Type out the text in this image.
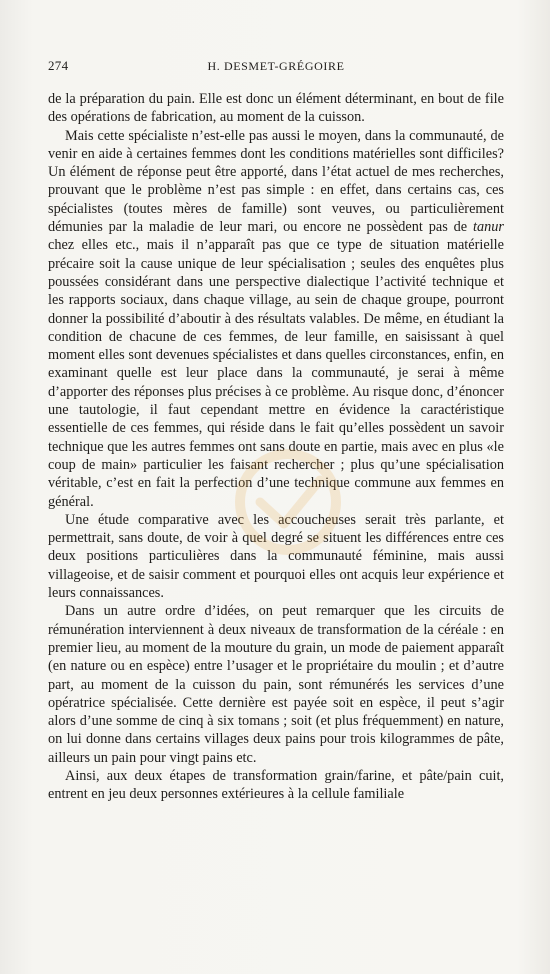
274	H. DESMET-GRÉGOIRE

de la préparation du pain. Elle est donc un élément déterminant, en bout de file des opérations de fabrication, au moment de la cuisson.

Mais cette spécialiste n’est-elle pas aussi le moyen, dans la communauté, de venir en aide à certaines femmes dont les conditions matérielles sont difficiles? Un élément de réponse peut être apporté, dans l’état actuel de mes recherches, prouvant que le problème n’est pas simple : en effet, dans certains cas, ces spécialistes (toutes mères de famille) sont veuves, ou particulièrement démunies par la maladie de leur mari, ou encore ne possèdent pas de tanur chez elles etc., mais il n’apparaît pas que ce type de situation matérielle précaire soit la cause unique de leur spécialisation ; seules des enquêtes plus poussées considérant dans une perspective dialectique l’activité technique et les rapports sociaux, dans chaque village, au sein de chaque groupe, pourront donner la possibilité d’aboutir à des résultats valables. De même, en étudiant la condition de chacune de ces femmes, de leur famille, en saisissant à quel moment elles sont devenues spécialistes et dans quelles circonstances, enfin, en examinant quelle est leur place dans la communauté, je serai à même d’apporter des réponses plus précises à ce problème. Au risque donc, d’énoncer une tautologie, il faut cependant mettre en évidence la caractéristique essentielle de ces femmes, qui réside dans le fait qu’elles possèdent un savoir technique que les autres femmes ont sans doute en partie, mais avec en plus «le coup de main» particulier les faisant rechercher ; plus qu’une spécialisation véritable, c’est en fait la perfection d’une technique commune aux femmes en général.

Une étude comparative avec les accoucheuses serait très parlante, et permettrait, sans doute, de voir à quel degré se situent les différences entre ces deux positions particulières dans la communauté féminine, mais aussi villageoise, et de saisir comment et pourquoi elles ont acquis leur expérience et leurs connaissances.

Dans un autre ordre d’idées, on peut remarquer que les circuits de rémunération interviennent à deux niveaux de transformation de la céréale : en premier lieu, au moment de la mouture du grain, un mode de paiement apparaît (en nature ou en espèce) entre l’usager et le propriétaire du moulin ; et d’autre part, au moment de la cuisson du pain, sont rémunérés les services d’une opératrice spécialisée. Cette dernière est payée soit en espèce, il peut s’agir alors d’une somme de cinq à six tomans ; soit (et plus fréquemment) en nature, on lui donne dans certains villages deux pains pour trois kilogrammes de pâte, ailleurs un pain pour vingt pains etc.

Ainsi, aux deux étapes de transformation grain/farine, et pâte/pain cuit, entrent en jeu deux personnes extérieures à la cellule familiale
